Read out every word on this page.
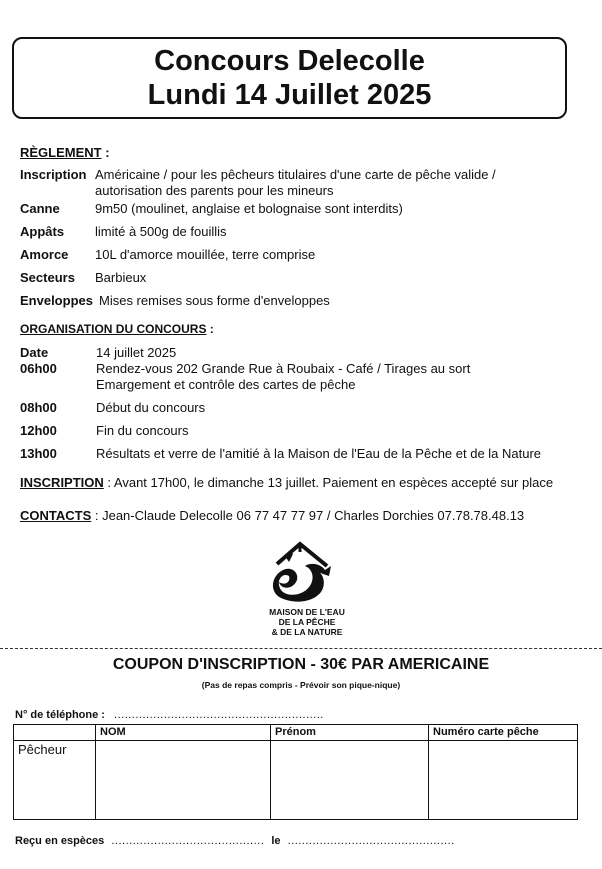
Concours Delecolle
Lundi 14 Juillet 2025
RÈGLEMENT :
Inscription Américaine / pour les pêcheurs titulaires d'une carte de pêche valide /
autorisation des parents pour les mineurs
Canne	9m50 (moulinet, anglaise et bolognaise sont interdits)
Appâts limité à 500g de fouillis
Amorce 10L d'amorce mouillée, terre comprise
Secteurs Barbieux
Enveloppes Mises remises sous forme d'enveloppes
ORGANISATION DU CONCOURS :
Date	14 juillet 2025
06h00	Rendez-vous 202 Grande Rue à Roubaix - Café / Tirages au sort
Emargement et contrôle des cartes de pêche
08h00	Début du concours
12h00	Fin du concours
13h00	Résultats et verre de l'amitié à la Maison de l'Eau de la Pêche et de la Nature
INSCRIPTION : Avant 17h00, le dimanche 13 juillet. Paiement en espèces accepté sur place
CONTACTS : Jean-Claude Delecolle 06 77 47 77 97 / Charles Dorchies 07.78.78.48.13
MAISON DE L'EAU
DE LA PÊCHE
& DE LA NATURE
COUPON D'INSCRIPTION - 30€ PAR AMERICAINE
(Pas de repas compris - Prévoir son pique-nique)
N° de téléphone : ...........................................................
	NOM	Prénom	Numéro carte pêche
Pêcheur			
Reçu en espèces ........................................... le ...............................................
